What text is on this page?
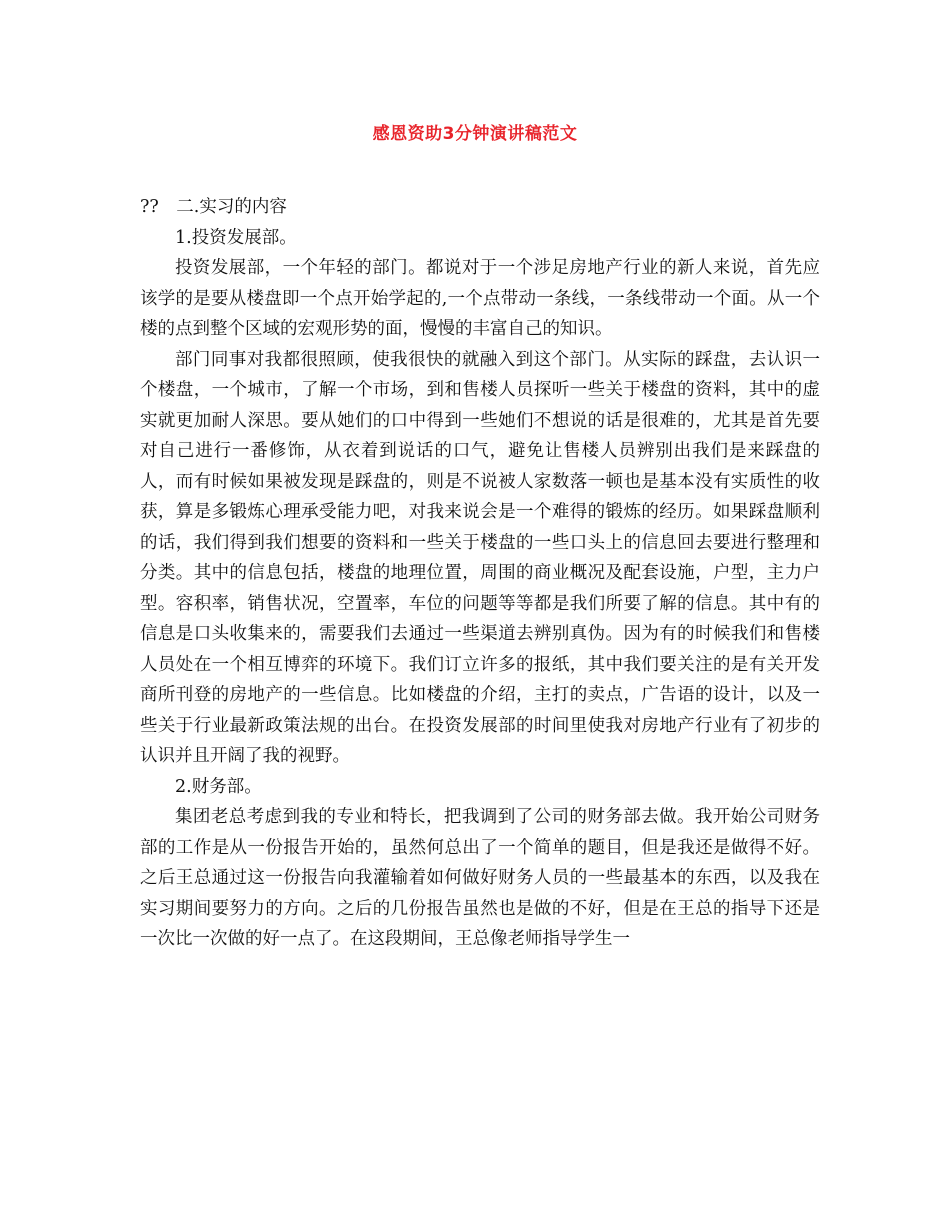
感恩资助3分钟演讲稿范文
??　二.实习的内容
1.投资发展部。

投资发展部，一个年轻的部门。都说对于一个涉足房地产行业的新人来说，首先应该学的是要从楼盘即一个点开始学起的,一个点带动一条线，一条线带动一个面。从一个楼的点到整个区域的宏观形势的面，慢慢的丰富自己的知识。

部门同事对我都很照顾，使我很快的就融入到这个部门。从实际的踩盘，去认识一个楼盘，一个城市，了解一个市场，到和售楼人员探听一些关于楼盘的资料，其中的虚实就更加耐人深思。要从她们的口中得到一些她们不想说的话是很难的，尤其是首先要对自己进行一番修饰，从衣着到说话的口气，避免让售楼人员辨别出我们是来踩盘的人，而有时候如果被发现是踩盘的，则是不说被人家数落一顿也是基本没有实质性的收获，算是多锻炼心理承受能力吧，对我来说会是一个难得的锻炼的经历。如果踩盘顺利的话，我们得到我们想要的资料和一些关于楼盘的一些口头上的信息回去要进行整理和分类。其中的信息包括，楼盘的地理位置，周围的商业概况及配套设施，户型，主力户型。容积率，销售状况，空置率，车位的问题等等都是我们所要了解的信息。其中有的信息是口头收集来的，需要我们去通过一些渠道去辨别真伪。因为有的时候我们和售楼人员处在一个相互博弈的环境下。我们订立许多的报纸，其中我们要关注的是有关开发商所刊登的房地产的一些信息。比如楼盘的介绍，主打的卖点，广告语的设计，以及一些关于行业最新政策法规的出台。在投资发展部的时间里使我对房地产行业有了初步的认识并且开阔了我的视野。

2.财务部。

集团老总考虑到我的专业和特长，把我调到了公司的财务部去做。我开始公司财务部的工作是从一份报告开始的，虽然何总出了一个简单的题目，但是我还是做得不好。之后王总通过这一份报告向我灌输着如何做好财务人员的一些最基本的东西，以及我在实习期间要努力的方向。之后的几份报告虽然也是做的不好，但是在王总的指导下还是一次比一次做的好一点了。在这段期间，王总像老师指导学生一
